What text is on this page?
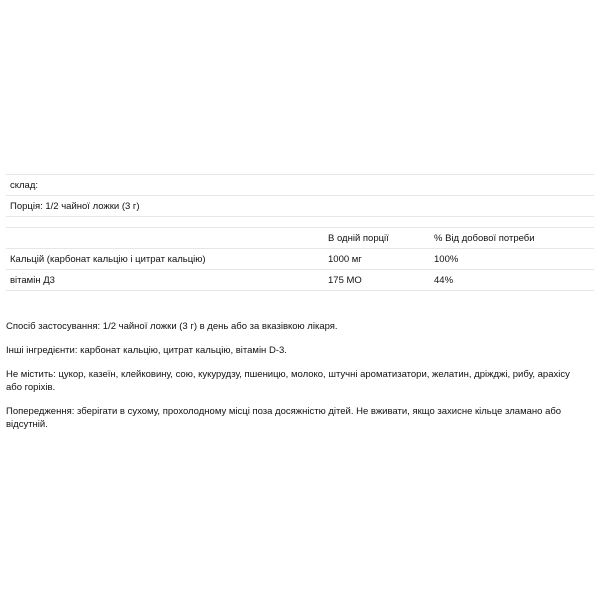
склад:		
Порція: 1/2 чайної ложки (3 г)		

	В одній порції	% Від добової потреби
Кальцій (карбонат кальцію і цитрат кальцію)	1000 мг	100%
вітамін Д3	175 МО	44%

Спосіб застосування: 1/2 чайної ложки (3 г) в день або за вказівкою лікаря.

Інші інгредієнти: карбонат кальцію, цитрат кальцію, вітамін D-3.

Не містить: цукор, казеїн, клейковину, сою, кукурудзу, пшеницю, молоко, штучні ароматизатори, желатин, дріжджі, рибу, арахісу або горіхів.

Попередження: зберігати в сухому, прохолодному місці поза досяжністю дітей. Не вживати, якщо захисне кільце зламано або відсутній.
